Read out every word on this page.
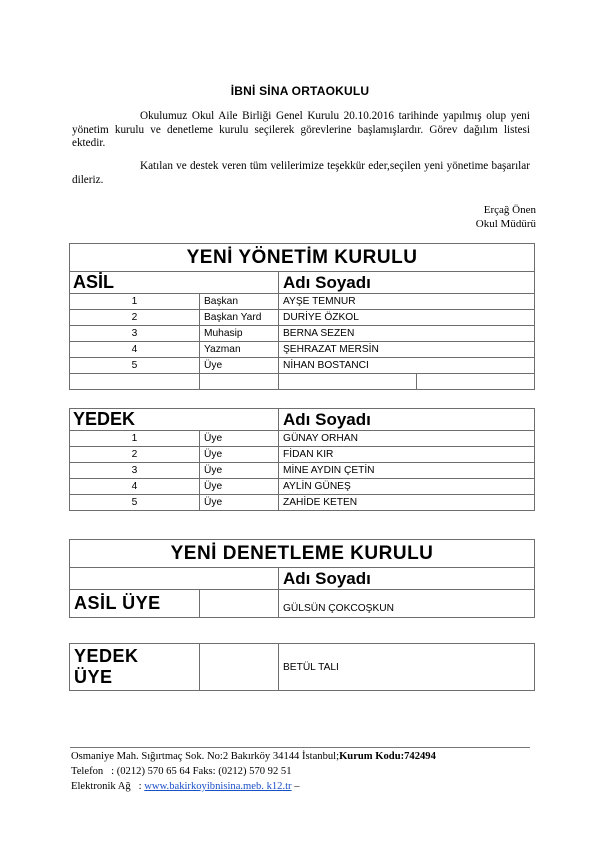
İBNİ SİNA ORTAOKULU

Okulumuz Okul Aile Birliği Genel Kurulu 20.10.2016 tarihinde yapılmış olup yeni yönetim kurulu ve denetleme kurulu seçilerek görevlerine başlamışlardır. Görev dağılım listesi ektedir.

Katılan ve destek veren tüm velilerimize teşekkür eder,seçilen yeni yönetime başarılar dileriz.

Erçağ Önen
Okul Müdürü
YENİ YÖNETİM KURULU			
ASİL		Adı Soyadı	
1	Başkan	AYŞE TEMNUR	
2	Başkan Yard	DURİYE ÖZKOL	
3	Muhasip	BERNA SEZEN	
4	Yazman	ŞEHRAZAT MERSİN	
5	Üye	NİHAN BOSTANCI	

YEDEK		Adı Soyadı
1	Üye	GÜNAY ORHAN
2	Üye	FİDAN KIR
3	Üye	MİNE AYDIN ÇETİN
4	Üye	AYLİN GÜNEŞ
5	Üye	ZAHİDE KETEN
YENİ DENETLEME KURULU		
		Adı Soyadı
ASİL ÜYE		GÜLSÜN ÇOKCOŞKUN
YEDEK
ÜYE		BETÜL TALI
Osmaniye Mah. Sığırtmaç Sok. No:2 Bakırköy 34144 İstanbul;Kurum Kodu:742494
Telefon   : (0212) 570 65 64 Faks: (0212) 570 92 51
Elektronik Ağ   : www.bakirkoyibnisina.meb. k12.tr –
